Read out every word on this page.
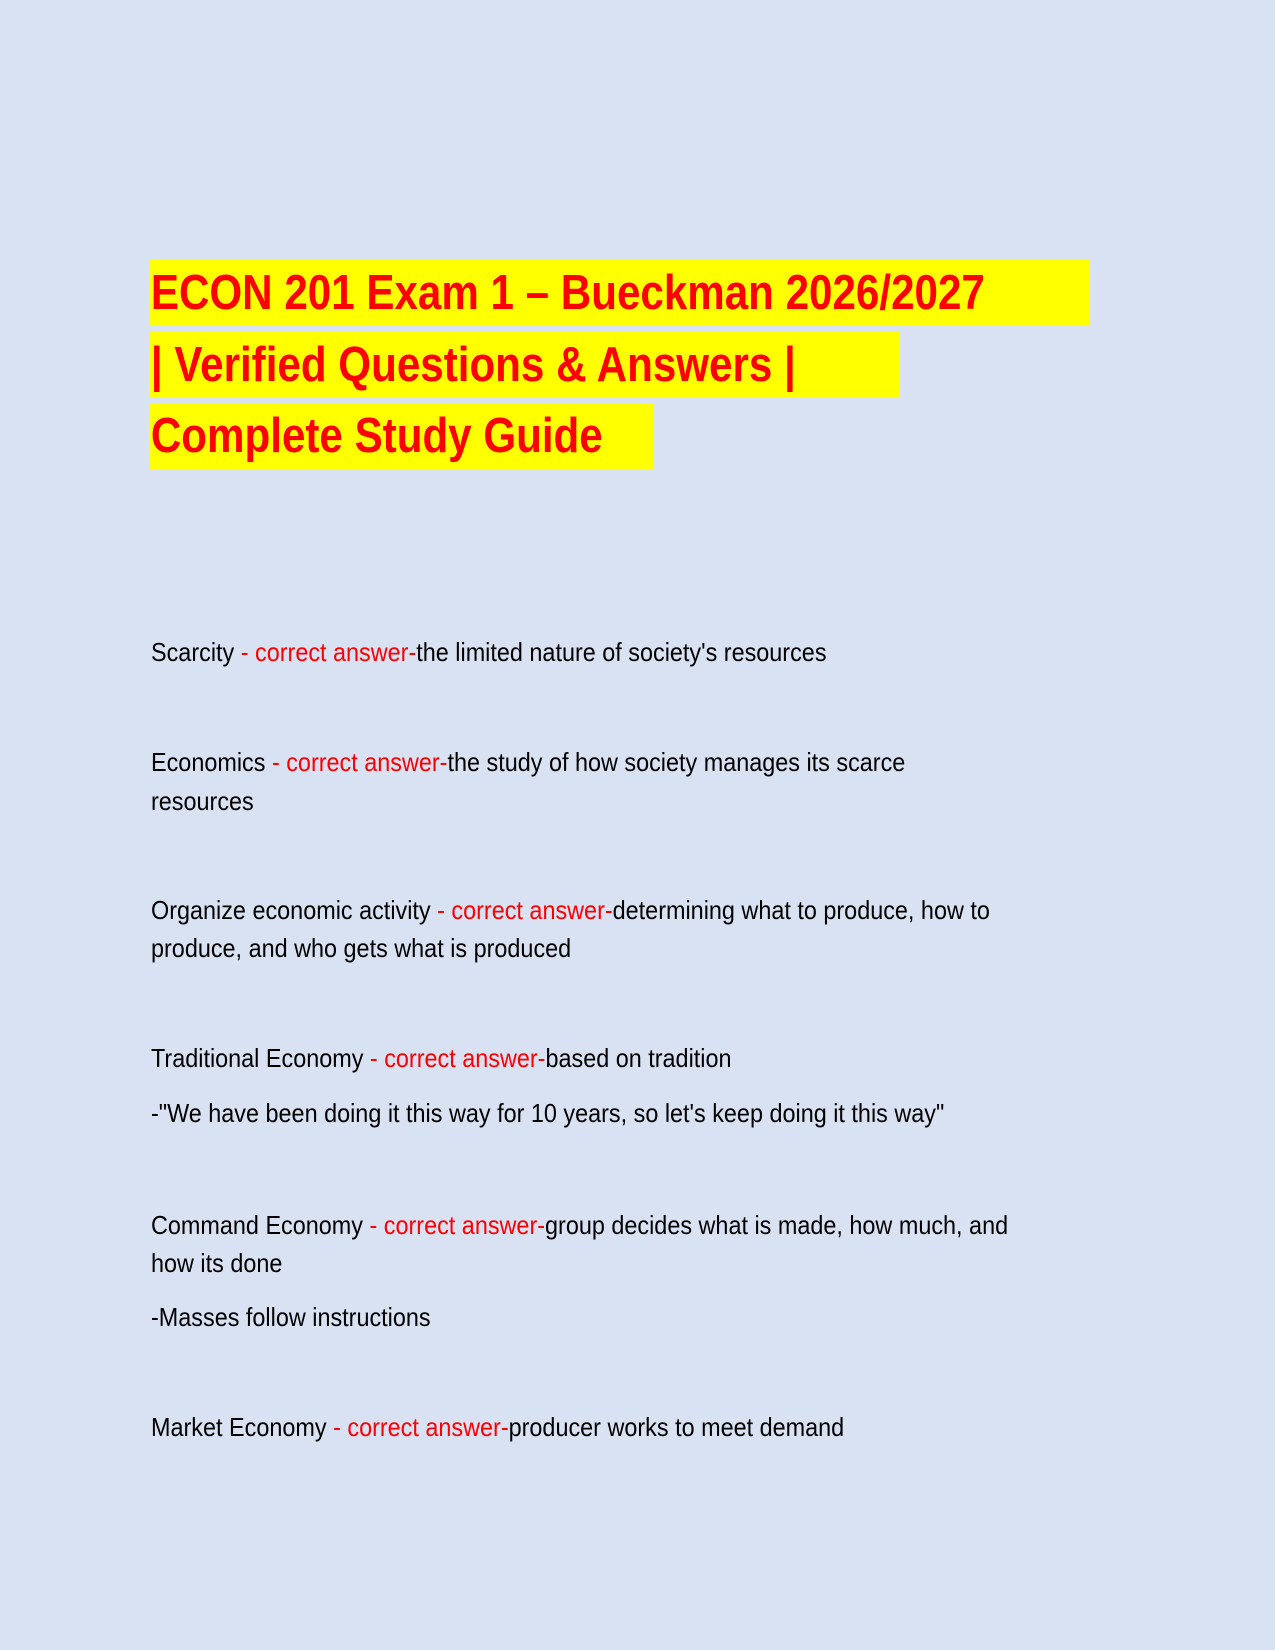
ECON 201 Exam 1 – Bueckman 2026/2027
| Verified Questions & Answers |
Complete Study Guide
Scarcity - correct answer-the limited nature of society's resources
Economics - correct answer-the study of how society manages its scarce
resources
Organize economic activity - correct answer-determining what to produce, how to
produce, and who gets what is produced
Traditional Economy - correct answer-based on tradition
-"We have been doing it this way for 10 years, so let's keep doing it this way"
Command Economy - correct answer-group decides what is made, how much, and
how its done
-Masses follow instructions
Market Economy - correct answer-producer works to meet demand
